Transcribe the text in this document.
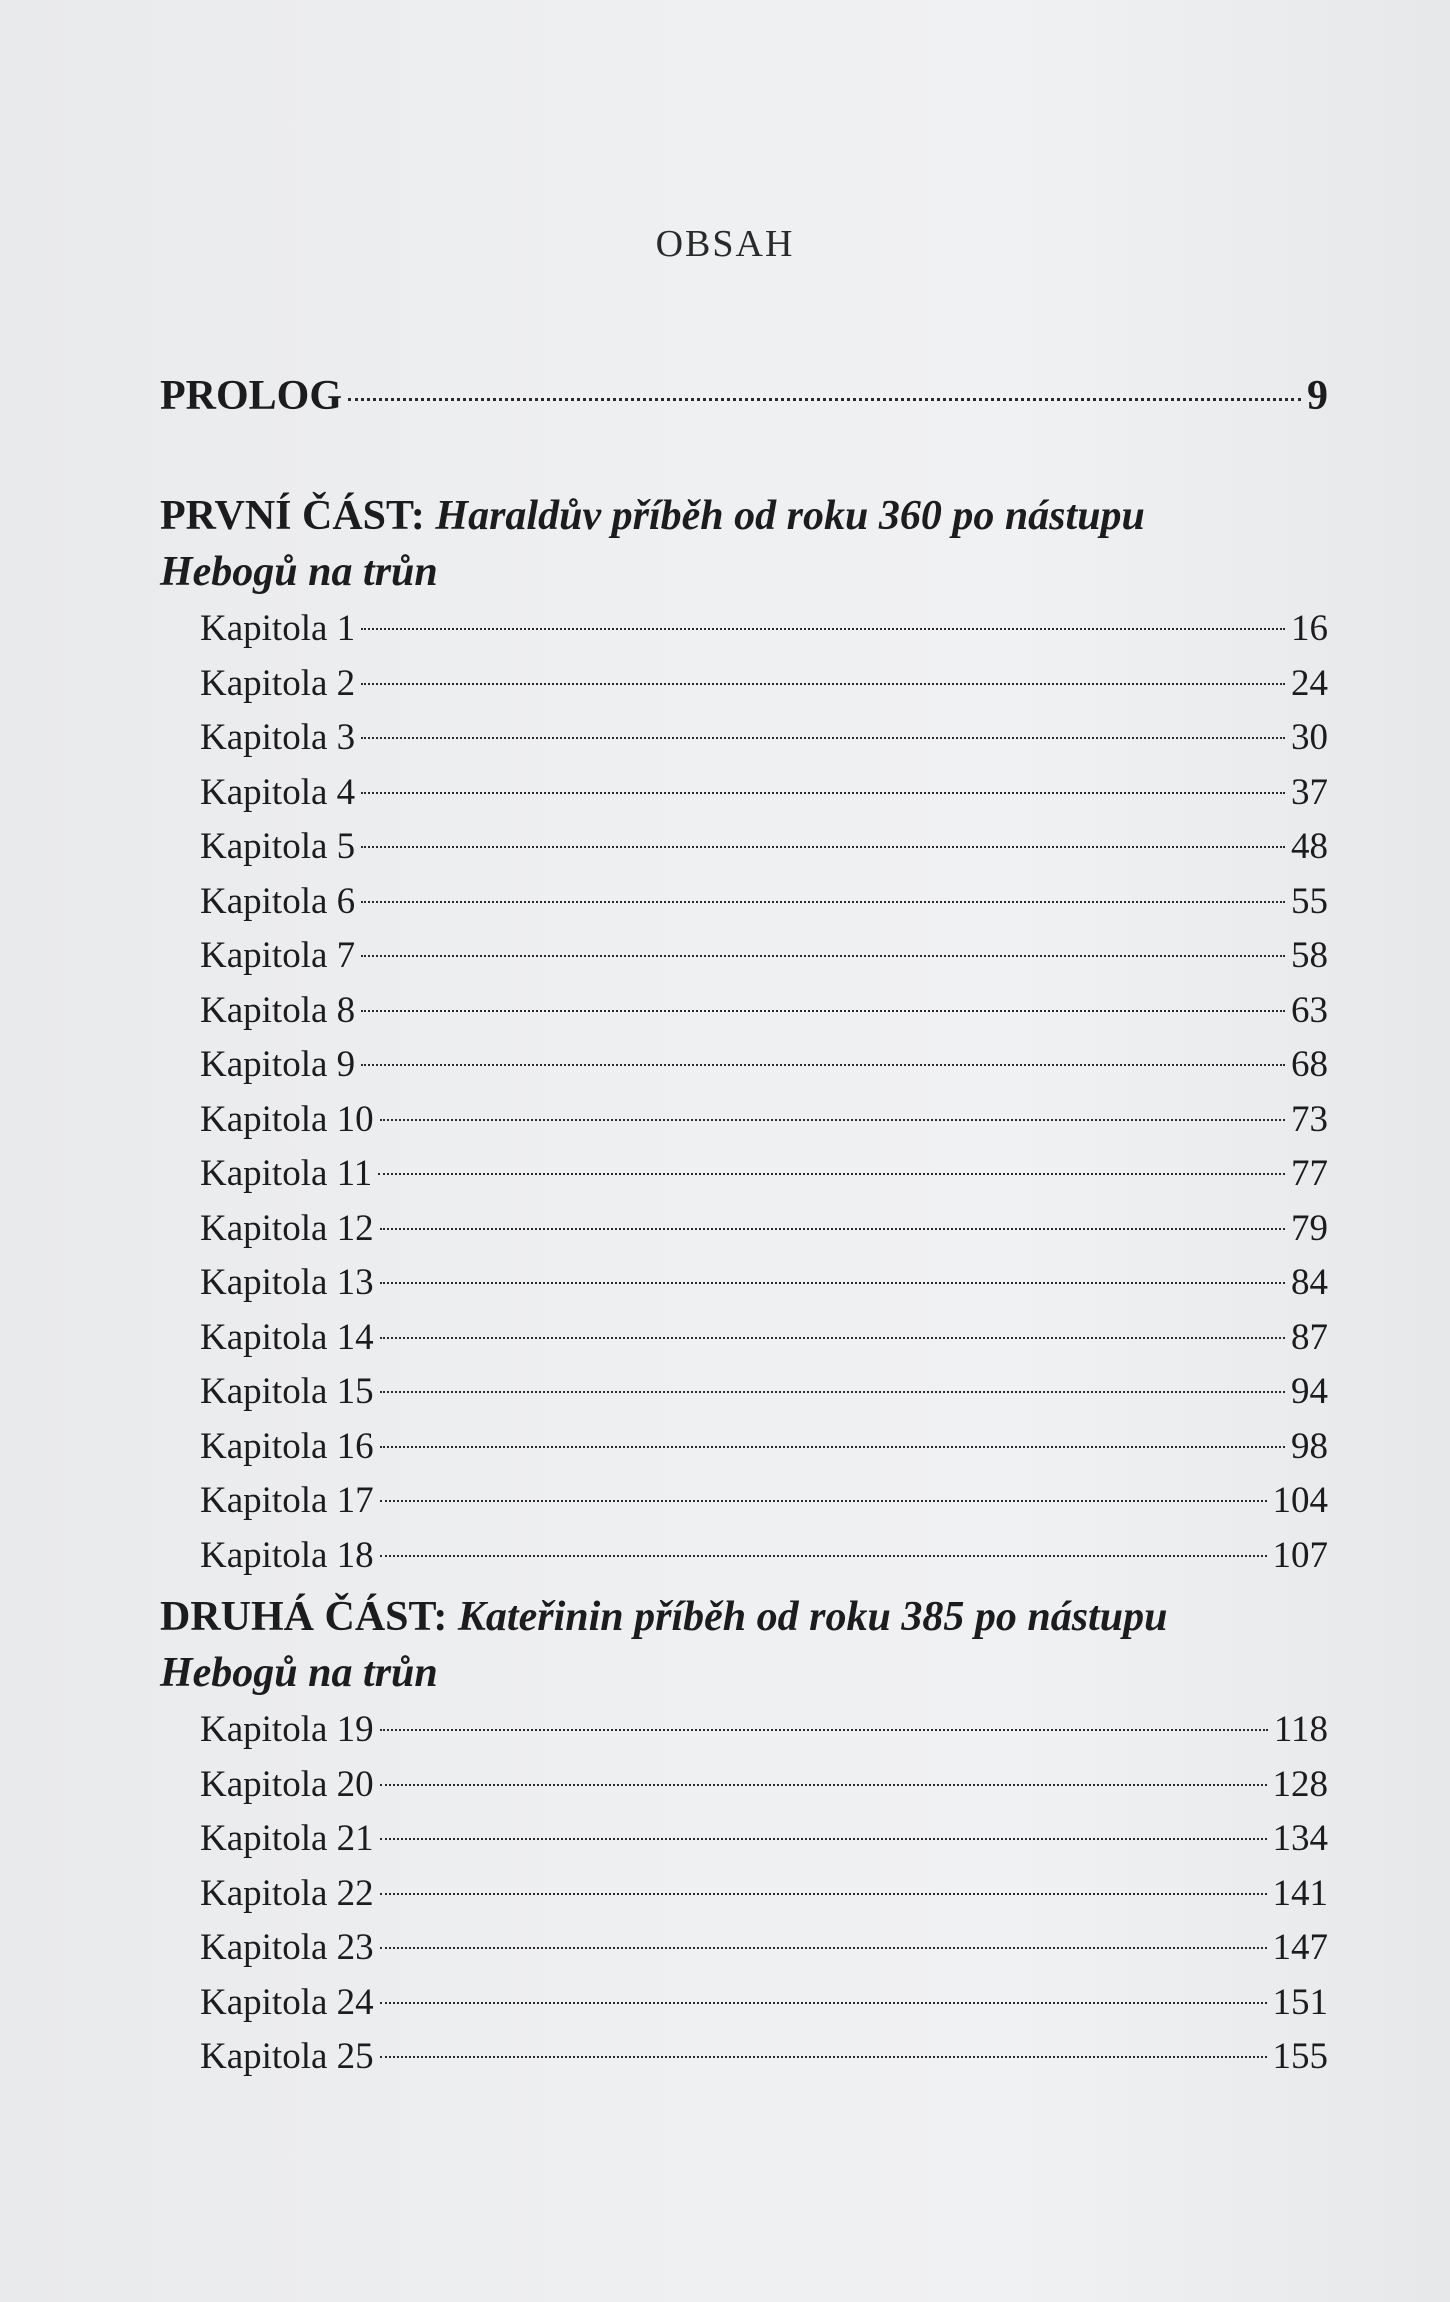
OBSAH
PROLOG	9
PRVNÍ ČÁST: Haraldův příběh od roku 360 po nástupu
Hebogů na trůn
Kapitola 1	16
Kapitola 2	24
Kapitola 3	30
Kapitola 4	37
Kapitola 5	48
Kapitola 6	55
Kapitola 7	58
Kapitola 8	63
Kapitola 9	68
Kapitola 10	73
Kapitola 11	77
Kapitola 12	79
Kapitola 13	84
Kapitola 14	87
Kapitola 15	94
Kapitola 16	98
Kapitola 17	104
Kapitola 18	107
DRUHÁ ČÁST: Kateřinin příběh od roku 385 po nástupu
Hebogů na trůn
Kapitola 19	118
Kapitola 20	128
Kapitola 21	134
Kapitola 22	141
Kapitola 23	147
Kapitola 24	151
Kapitola 25	155
